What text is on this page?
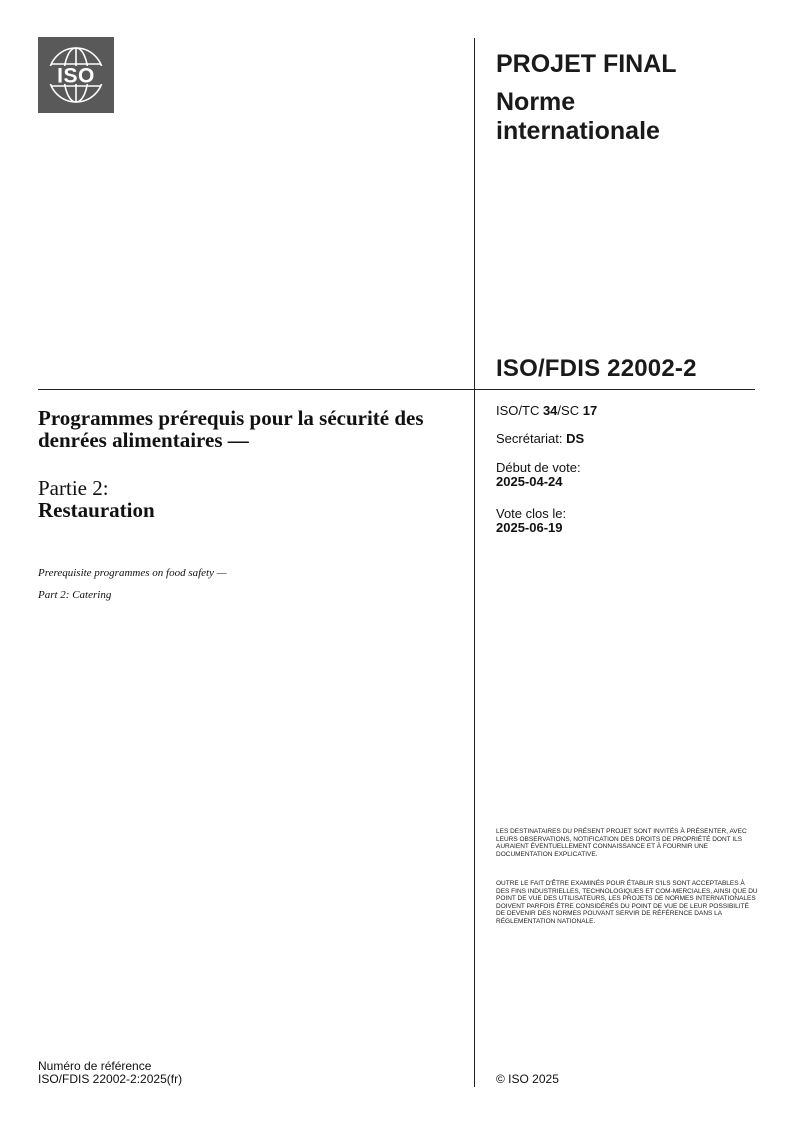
ISO	PROJET FINAL
Norme internationale
ISO/FDIS 22002-2
ISO/TC 34/SC 17
Secrétariat: DS
Début de vote:
2025-04-24
Vote clos le:
2025-06-19
Programmes prérequis pour la sécurité des denrées alimentaires —
Partie 2:
Restauration
Prerequisite programmes on food safety —
Part 2: Catering
LES DESTINATAIRES DU PRÉSENT PROJET SONT INVITÉS À PRÉSENTER, AVEC LEURS OBSERVATIONS, NOTIFICATION DES DROITS DE PROPRIÉTÉ DONT ILS AURAIENT ÉVENTUELLEMENT CONNAISSANCE ET À FOURNIR UNE DOCUMENTATION EXPLICATIVE.
OUTRE LE FAIT D'ÊTRE EXAMINÉS POUR ÉTABLIR S'ILS SONT ACCEPTABLES À DES FINS INDUSTRIELLES, TECHNOLOGIQUES ET COM-MERCIALES, AINSI QUE DU POINT DE VUE DES UTILISATEURS, LES PROJETS DE NORMES INTERNATIONALES DOIVENT PARFOIS ÊTRE CONSIDÉRÉS DU POINT DE VUE DE LEUR POSSIBILITÉ DE DEVENIR DES NORMES POUVANT SERVIR DE RÉFÉRENCE DANS LA RÉGLEMENTATION NATIONALE.
Numéro de référence
ISO/FDIS 22002-2:2025(fr)	© ISO 2025
